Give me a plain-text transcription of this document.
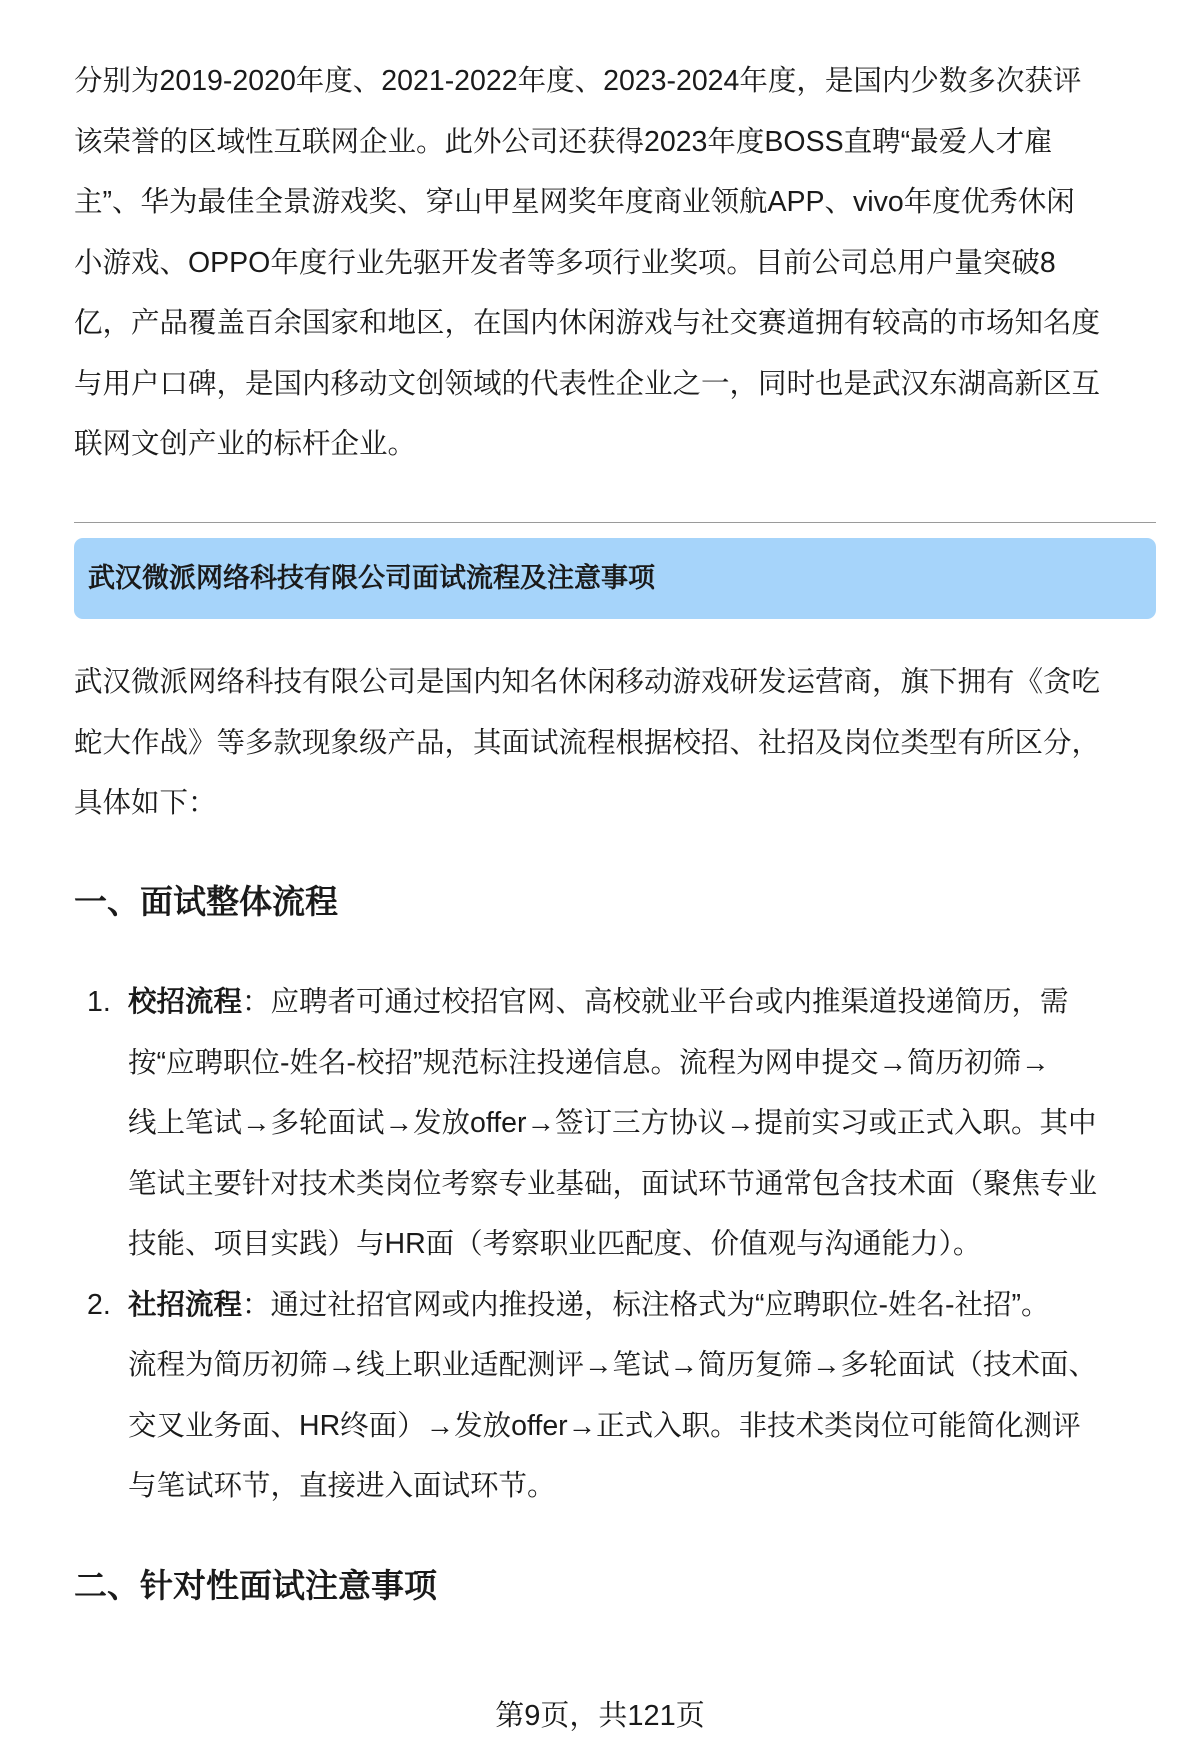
分别为2019-2020年度、2021-2022年度、2023-2024年度，是国内少数多次获评
该荣誉的区域性互联网企业。此外公司还获得2023年度BOSS直聘“最爱人才雇
主”、华为最佳全景游戏奖、穿山甲星网奖年度商业领航APP、vivo年度优秀休闲
小游戏、OPPO年度行业先驱开发者等多项行业奖项。目前公司总用户量突破8
亿，产品覆盖百余国家和地区，在国内休闲游戏与社交赛道拥有较高的市场知名度
与用户口碑，是国内移动文创领域的代表性企业之一，同时也是武汉东湖高新区互
联网文创产业的标杆企业。
武汉微派网络科技有限公司面试流程及注意事项
武汉微派网络科技有限公司是国内知名休闲移动游戏研发运营商，旗下拥有《贪吃
蛇大作战》等多款现象级产品，其面试流程根据校招、社招及岗位类型有所区分，
具体如下：
一、面试整体流程
1. 校招流程：应聘者可通过校招官网、高校就业平台或内推渠道投递简历，需
按“应聘职位-姓名-校招”规范标注投递信息。流程为网申提交→简历初筛→
线上笔试→多轮面试→发放offer→签订三方协议→提前实习或正式入职。其中
笔试主要针对技术类岗位考察专业基础，面试环节通常包含技术面（聚焦专业
技能、项目实践）与HR面（考察职业匹配度、价值观与沟通能力）。
2. 社招流程：通过社招官网或内推投递，标注格式为“应聘职位-姓名-社招”。
流程为简历初筛→线上职业适配测评→笔试→简历复筛→多轮面试（技术面、
交叉业务面、HR终面）→发放offer→正式入职。非技术类岗位可能简化测评
与笔试环节，直接进入面试环节。
二、针对性面试注意事项
第9页，共121页
